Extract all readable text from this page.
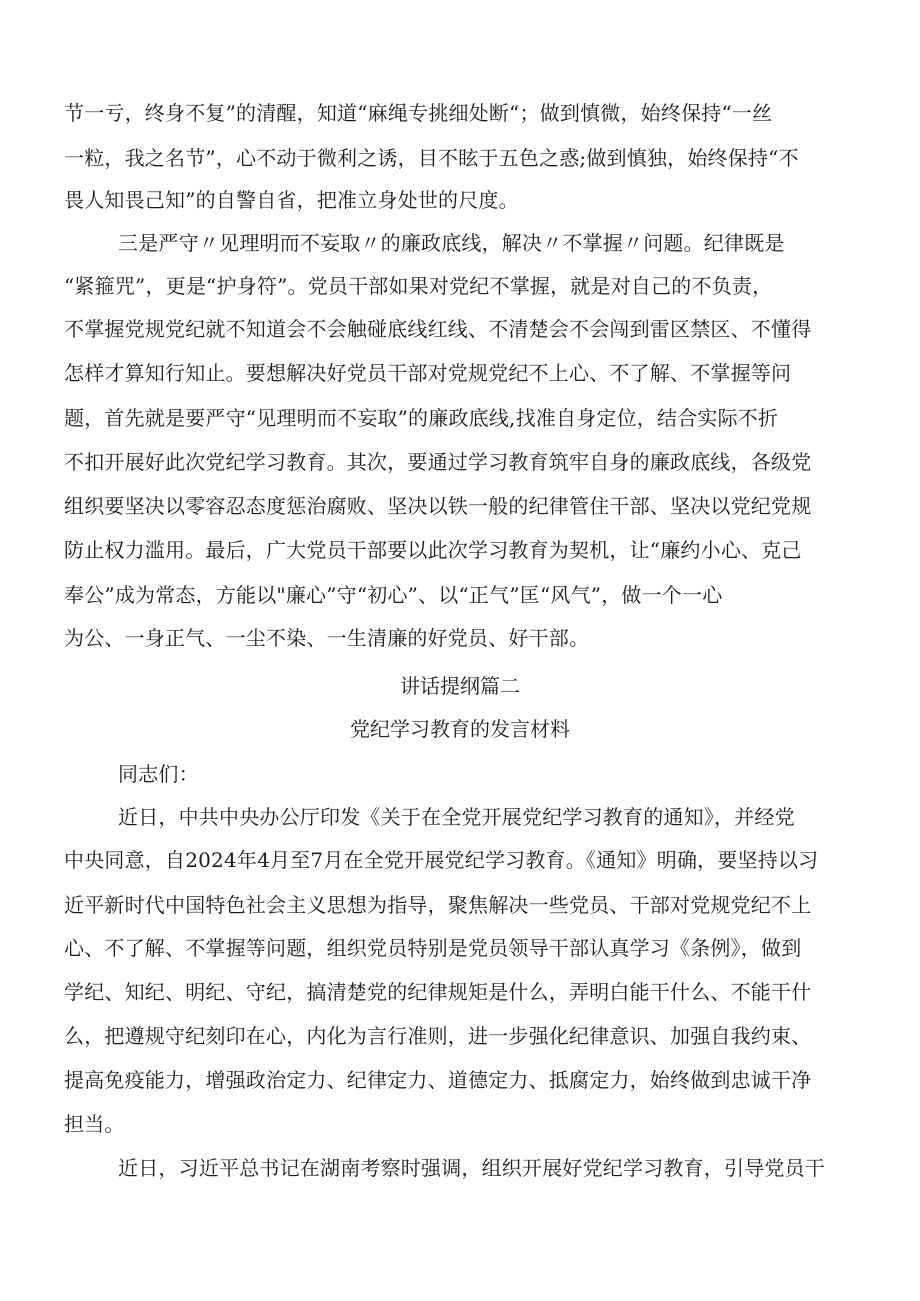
节一亏，终身不复”的清醒，知道“麻绳专挑细处断“；做到慎微，始终保持“一丝
一粒，我之名节”，心不动于微利之诱，目不眩于五色之惑;做到慎独，始终保持“不
畏人知畏己知”的自警自省，把准立身处世的尺度。
三是严守〃见理明而不妄取〃的廉政底线，解决〃不掌握〃问题。纪律既是
“紧箍咒”，更是“护身符”。党员干部如果对党纪不掌握，就是对自己的不负责，
不掌握党规党纪就不知道会不会触碰底线红线、不清楚会不会闯到雷区禁区、不懂得
怎样才算知行知止。要想解决好党员干部对党规党纪不上心、不了解、不掌握等问
题，首先就是要严守“见理明而不妄取”的廉政底线,找准自身定位，结合实际不折
不扣开展好此次党纪学习教育。其次，要通过学习教育筑牢自身的廉政底线，各级党
组织要坚决以零容忍态度惩治腐败、坚决以铁一般的纪律管住干部、坚决以党纪党规
防止权力滥用。最后，广大党员干部要以此次学习教育为契机，让“廉约小心、克己
奉公”成为常态，方能以"廉心”守“初心”、以“正气”匡“风气”，做一个一心
为公、一身正气、一尘不染、一生清廉的好党员、好干部。
讲话提纲篇二
党纪学习教育的发言材料
同志们：
近日，中共中央办公厅印发《关于在全党开展党纪学习教育的通知》，并经党
中央同意，自2024年4月至7月在全党开展党纪学习教育。《通知》明确，要坚持以习
近平新时代中国特色社会主义思想为指导，聚焦解决一些党员、干部对党规党纪不上
心、不了解、不掌握等问题，组织党员特别是党员领导干部认真学习《条例》，做到
学纪、知纪、明纪、守纪，搞清楚党的纪律规矩是什么，弄明白能干什么、不能干什
么，把遵规守纪刻印在心，内化为言行准则，进一步强化纪律意识、加强自我约束、
提高免疫能力，增强政治定力、纪律定力、道德定力、抵腐定力，始终做到忠诚干净
担当。
近日，习近平总书记在湖南考察时强调，组织开展好党纪学习教育，引导党员干
